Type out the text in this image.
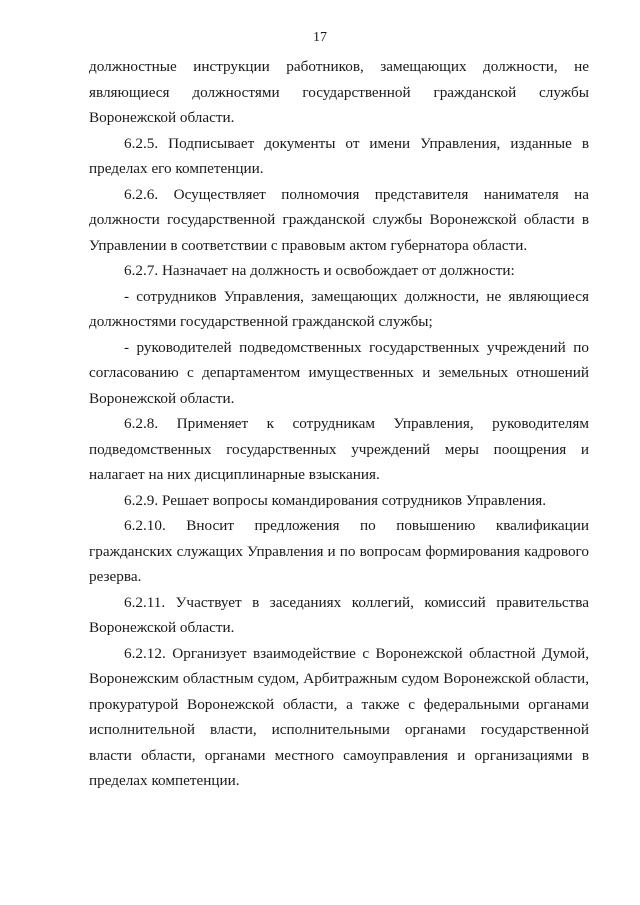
17

должностные инструкции работников, замещающих должности, не являющиеся должностями государственной гражданской службы Воронежской области.

6.2.5. Подписывает документы от имени Управления, изданные в пределах его компетенции.

6.2.6. Осуществляет полномочия представителя нанимателя на должности государственной гражданской службы Воронежской области в Управлении в соответствии с правовым актом губернатора области.

6.2.7. Назначает на должность и освобождает от должности:

- сотрудников Управления, замещающих должности, не являющиеся должностями государственной гражданской службы;

- руководителей подведомственных государственных учреждений по согласованию с департаментом имущественных и земельных отношений Воронежской области.

6.2.8. Применяет к сотрудникам Управления, руководителям подведомственных государственных учреждений меры поощрения и налагает на них дисциплинарные взыскания.

6.2.9. Решает вопросы командирования сотрудников Управления.

6.2.10. Вносит предложения по повышению квалификации гражданских служащих Управления и по вопросам формирования кадрового резерва.

6.2.11. Участвует в заседаниях коллегий, комиссий правительства Воронежской области.

6.2.12. Организует взаимодействие с Воронежской областной Думой, Воронежским областным судом, Арбитражным судом Воронежской области, прокуратурой Воронежской области, а также с федеральными органами исполнительной власти, исполнительными органами государственной власти области, органами местного самоуправления и организациями в пределах компетенции.
